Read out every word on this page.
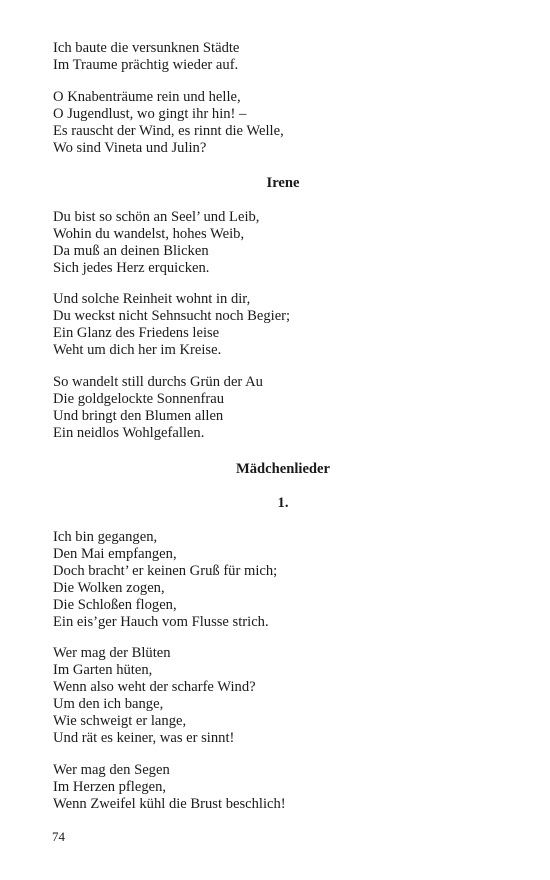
Ich baute die versunknen Städte
Im Traume prächtig wieder auf.
O Knabenträume rein und helle,
O Jugendlust, wo gingt ihr hin! –
Es rauscht der Wind, es rinnt die Welle,
Wo sind Vineta und Julin?
Irene
Du bist so schön an Seel’ und Leib,
Wohin du wandelst, hohes Weib,
Da muß an deinen Blicken
Sich jedes Herz erquicken.
Und solche Reinheit wohnt in dir,
Du weckst nicht Sehnsucht noch Begier;
Ein Glanz des Friedens leise
Weht um dich her im Kreise.
So wandelt still durchs Grün der Au
Die goldgelockte Sonnenfrau
Und bringt den Blumen allen
Ein neidlos Wohlgefallen.
Mädchenlieder
1.
Ich bin gegangen,
Den Mai empfangen,
Doch bracht’ er keinen Gruß für mich;
Die Wolken zogen,
Die Schloßen flogen,
Ein eis’ger Hauch vom Flusse strich.
Wer mag der Blüten
Im Garten hüten,
Wenn also weht der scharfe Wind?
Um den ich bange,
Wie schweigt er lange,
Und rät es keiner, was er sinnt!
Wer mag den Segen
Im Herzen pflegen,
Wenn Zweifel kühl die Brust beschlich!
74
